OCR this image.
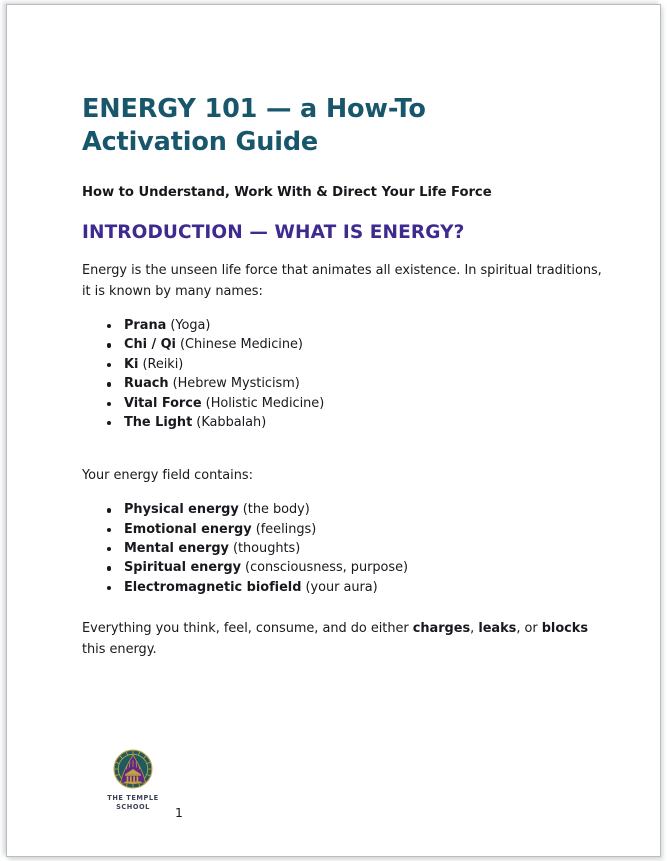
ENERGY 101 — a How-To Activation Guide

How to Understand, Work With & Direct Your Life Force

INTRODUCTION — WHAT IS ENERGY?

Energy is the unseen life force that animates all existence. In spiritual traditions, it is known by many names:

Prana (Yoga)
Chi / Qi (Chinese Medicine)
Ki (Reiki)
Ruach (Hebrew Mysticism)
Vital Force (Holistic Medicine)
The Light (Kabbalah)

Your energy field contains:

Physical energy (the body)
Emotional energy (feelings)
Mental energy (thoughts)
Spiritual energy (consciousness, purpose)
Electromagnetic biofield (your aura)

Everything you think, feel, consume, and do either charges, leaks, or blocks this energy.

THE TEMPLE
SCHOOL	1
